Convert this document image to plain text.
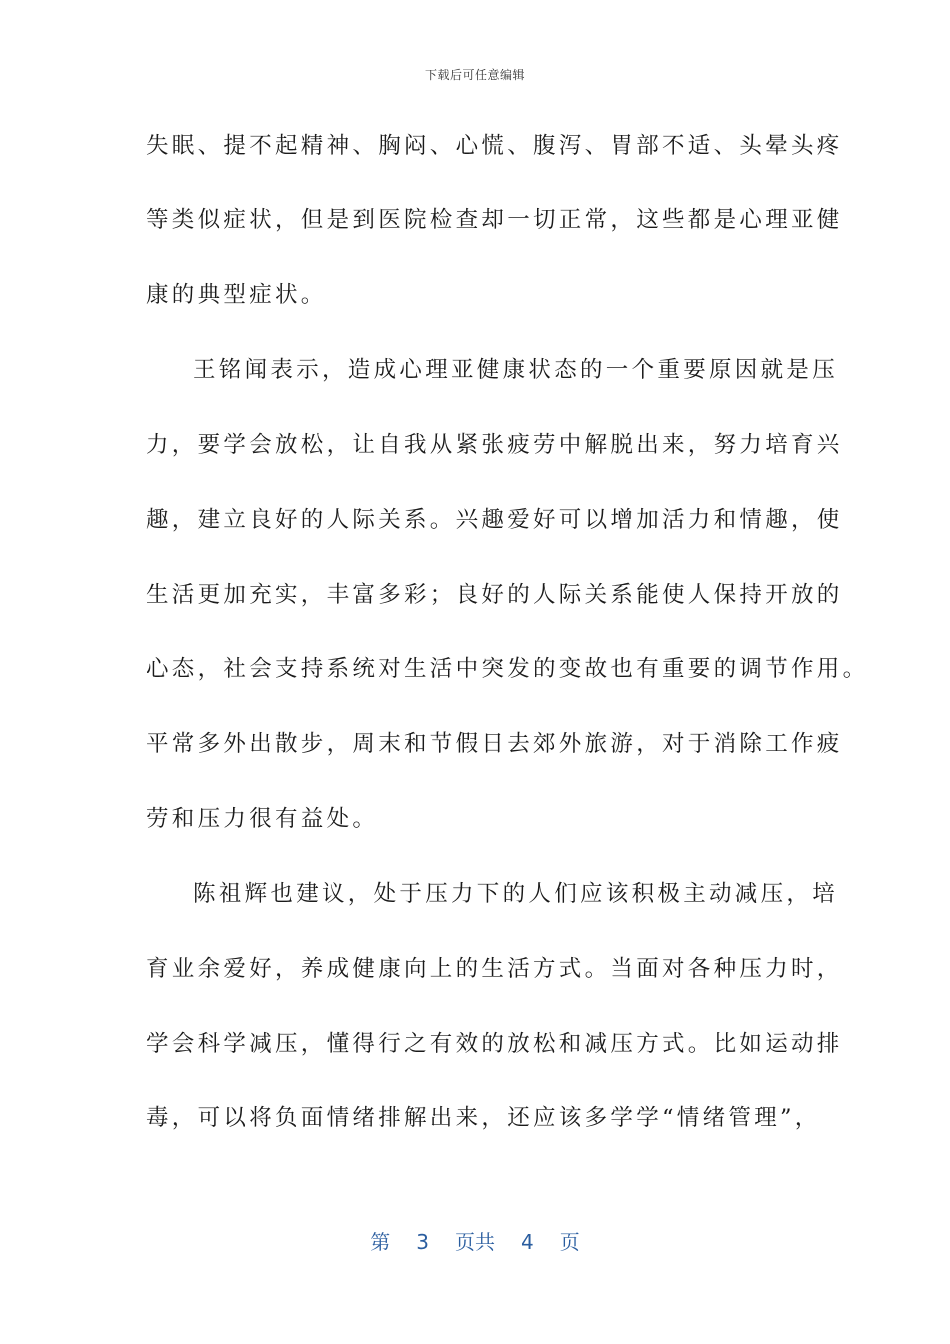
下载后可任意编辑
失眠、提不起精神、胸闷、心慌、腹泻、胃部不适、头晕头疼
等类似症状，但是到医院检查却一切正常，这些都是心理亚健
康的典型症状。
王铭闻表示，造成心理亚健康状态的一个重要原因就是压
力，要学会放松，让自我从紧张疲劳中解脱出来，努力培育兴
趣，建立良好的人际关系。兴趣爱好可以增加活力和情趣，使
生活更加充实，丰富多彩；良好的人际关系能使人保持开放的
心态，社会支持系统对生活中突发的变故也有重要的调节作用。
平常多外出散步，周末和节假日去郊外旅游，对于消除工作疲
劳和压力很有益处。
陈祖辉也建议，处于压力下的人们应该积极主动减压，培
育业余爱好，养成健康向上的生活方式。当面对各种压力时，
学会科学减压，懂得行之有效的放松和减压方式。比如运动排
毒，可以将负面情绪排解出来，还应该多学学“情绪管理”，
第 3 页共 4 页
